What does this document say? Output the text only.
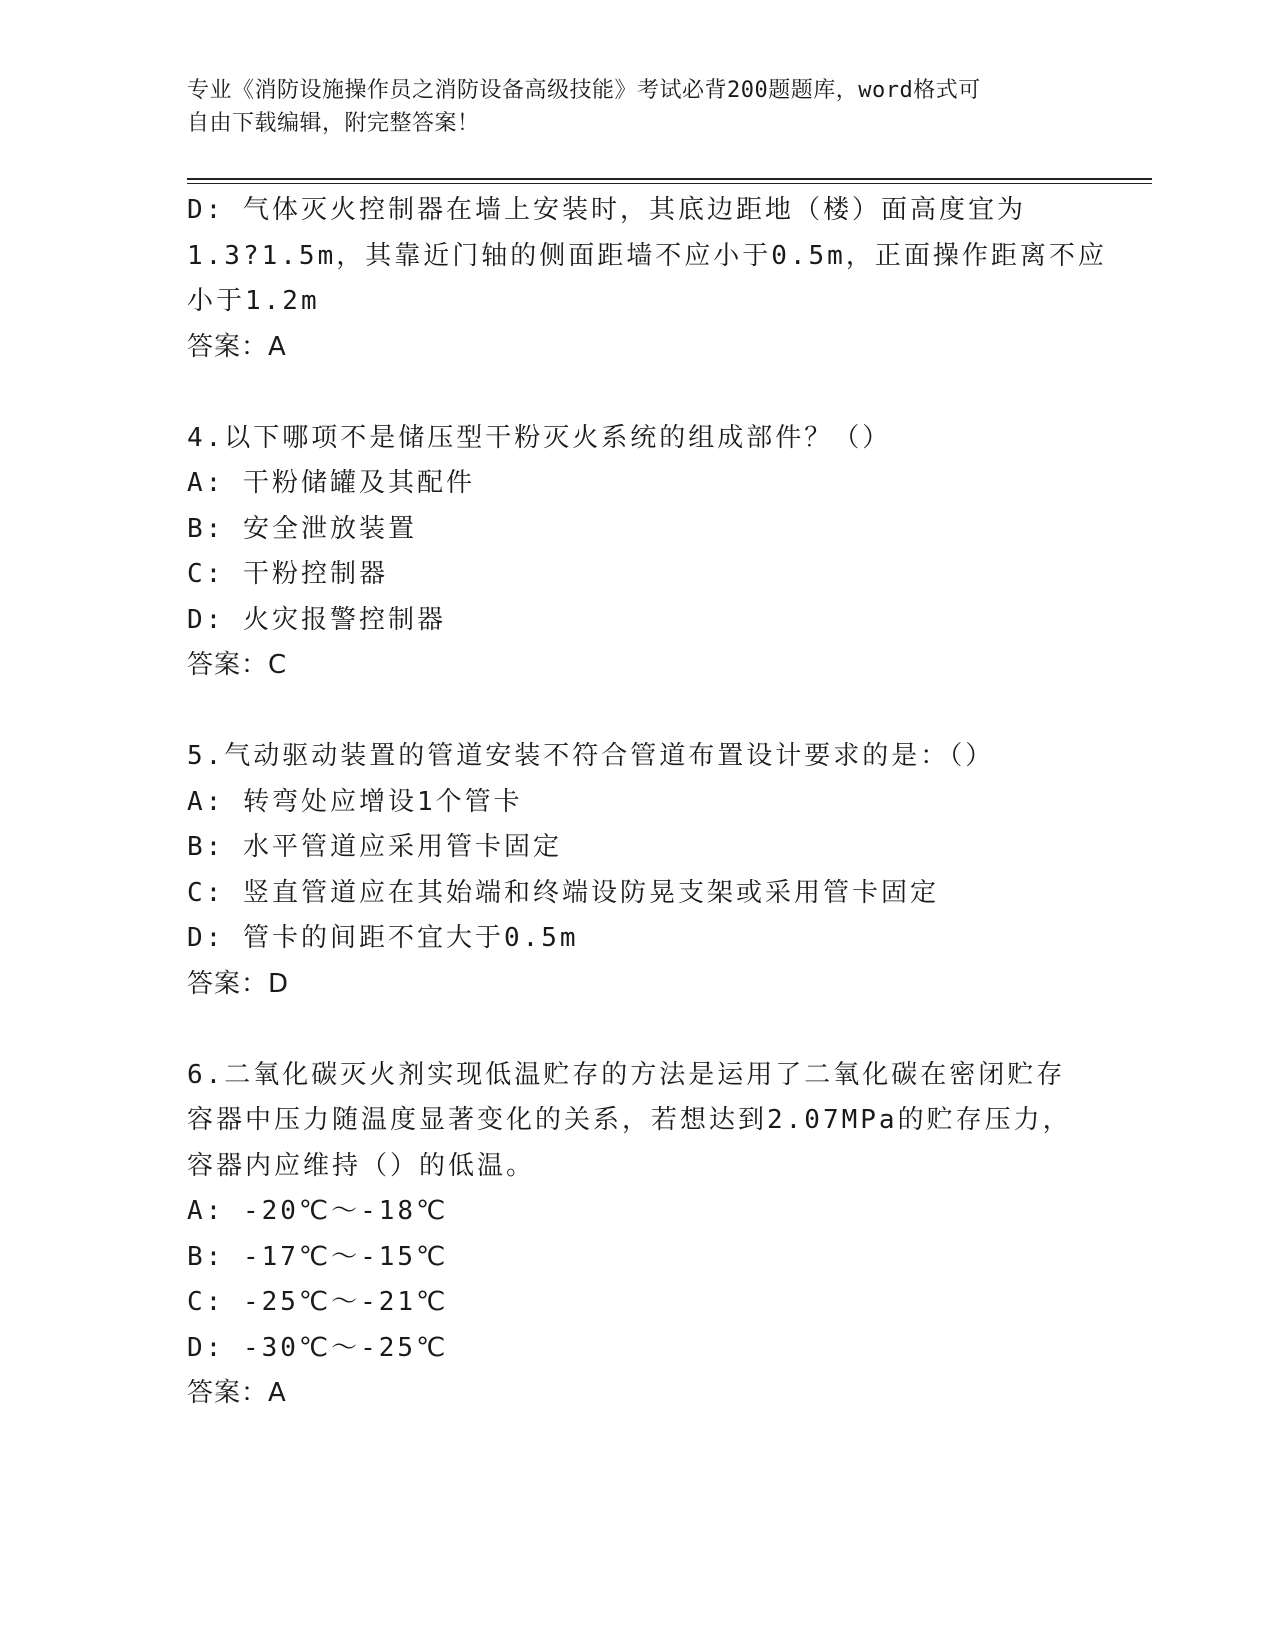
专业《消防设施操作员之消防设备高级技能》考试必背200题题库，word格式可
自由下载编辑，附完整答案！
D: 气体灭火控制器在墙上安装时，其底边距地（楼）面高度宜为
1.3?1.5m，其靠近门轴的侧面距墙不应小于0.5m，正面操作距离不应
小于1.2m
答案：A
4.以下哪项不是储压型干粉灭火系统的组成部件？（）
A: 干粉储罐及其配件
B: 安全泄放装置
C: 干粉控制器
D: 火灾报警控制器
答案：C
5.气动驱动装置的管道安装不符合管道布置设计要求的是：（）
A: 转弯处应增设1个管卡
B: 水平管道应采用管卡固定
C: 竖直管道应在其始端和终端设防晃支架或采用管卡固定
D: 管卡的间距不宜大于0.5m
答案：D
6.二氧化碳灭火剂实现低温贮存的方法是运用了二氧化碳在密闭贮存
容器中压力随温度显著变化的关系，若想达到2.07MPa的贮存压力，
容器内应维持（）的低温。
A: -20℃～-18℃
B: -17℃～-15℃
C: -25℃～-21℃
D: -30℃～-25℃
答案：A
